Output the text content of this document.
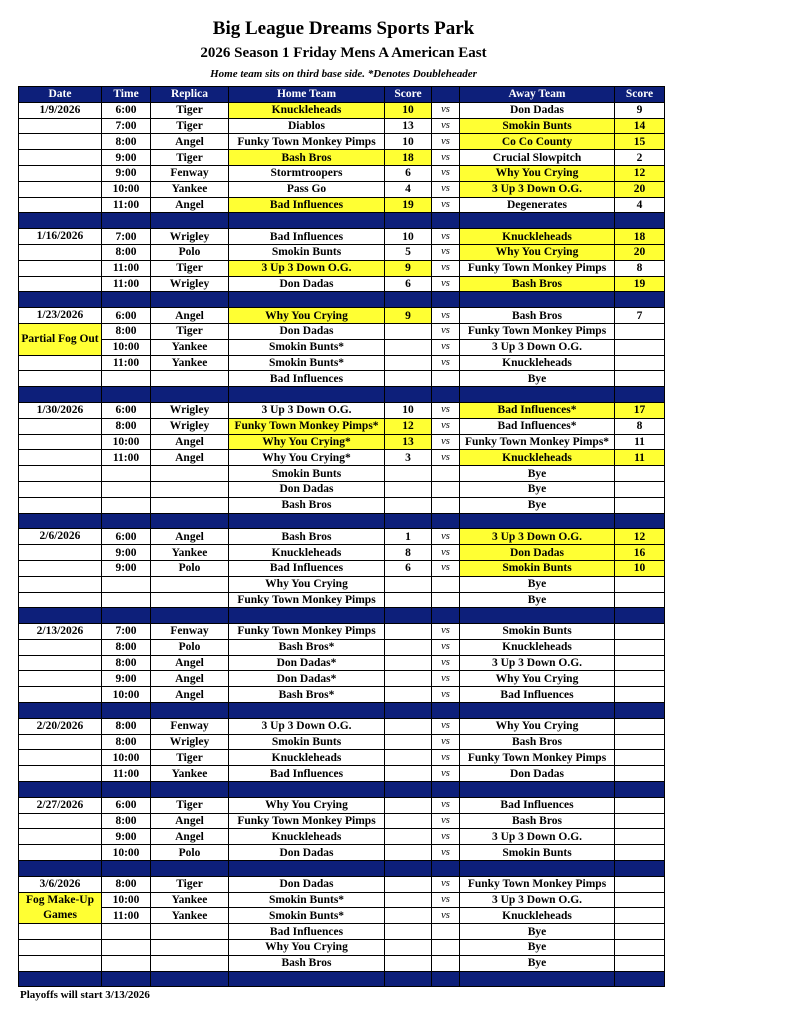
Big League Dreams Sports Park
2026 Season 1 Friday Mens A American East
Home team sits on third base side. *Denotes Doubleheader
Date	Time	Replica	Home Team	Score		Away Team	Score
1/9/2026	6:00	Tiger	Knuckleheads	10	vs	Don Dadas	9
	7:00	Tiger	Diablos	13	vs	Smokin Bunts	14
	8:00	Angel	Funky Town Monkey Pimps	10	vs	Co Co County	15
	9:00	Tiger	Bash Bros	18	vs	Crucial Slowpitch	2
	9:00	Fenway	Stormtroopers	6	vs	Why You Crying	12
	10:00	Yankee	Pass Go	4	vs	3 Up 3 Down O.G.	20
	11:00	Angel	Bad Influences	19	vs	Degenerates	4

1/16/2026	7:00	Wrigley	Bad Influences	10	vs	Knuckleheads	18
	8:00	Polo	Smokin Bunts	5	vs	Why You Crying	20
	11:00	Tiger	3 Up 3 Down O.G.	9	vs	Funky Town Monkey Pimps	8
	11:00	Wrigley	Don Dadas	6	vs	Bash Bros	19

1/23/2026	6:00	Angel	Why You Crying	9	vs	Bash Bros	7
Partial Fog Out	8:00	Tiger	Don Dadas		vs	Funky Town Monkey Pimps	
	10:00	Yankee	Smokin Bunts*		vs	3 Up 3 Down O.G.	
	11:00	Yankee	Smokin Bunts*		vs	Knuckleheads	
			Bad Influences			Bye	

1/30/2026	6:00	Wrigley	3 Up 3 Down O.G.	10	vs	Bad Influences*	17
	8:00	Wrigley	Funky Town Monkey Pimps*	12	vs	Bad Influences*	8
	10:00	Angel	Why You Crying*	13	vs	Funky Town Monkey Pimps*	11
	11:00	Angel	Why You Crying*	3	vs	Knuckleheads	11
			Smokin Bunts			Bye	
			Don Dadas			Bye	
			Bash Bros			Bye	

2/6/2026	6:00	Angel	Bash Bros	1	vs	3 Up 3 Down O.G.	12
	9:00	Yankee	Knuckleheads	8	vs	Don Dadas	16
	9:00	Polo	Bad Influences	6	vs	Smokin Bunts	10
			Why You Crying			Bye	
			Funky Town Monkey Pimps			Bye	

2/13/2026	7:00	Fenway	Funky Town Monkey Pimps		vs	Smokin Bunts	
	8:00	Polo	Bash Bros*		vs	Knuckleheads	
	8:00	Angel	Don Dadas*		vs	3 Up 3 Down O.G.	
	9:00	Angel	Don Dadas*		vs	Why You Crying	
	10:00	Angel	Bash Bros*		vs	Bad Influences	

2/20/2026	8:00	Fenway	3 Up 3 Down O.G.		vs	Why You Crying	
	8:00	Wrigley	Smokin Bunts		vs	Bash Bros	
	10:00	Tiger	Knuckleheads		vs	Funky Town Monkey Pimps	
	11:00	Yankee	Bad Influences		vs	Don Dadas	

2/27/2026	6:00	Tiger	Why You Crying		vs	Bad Influences	
	8:00	Angel	Funky Town Monkey Pimps		vs	Bash Bros	
	9:00	Angel	Knuckleheads		vs	3 Up 3 Down O.G.	
	10:00	Polo	Don Dadas		vs	Smokin Bunts	

3/6/2026	8:00	Tiger	Don Dadas		vs	Funky Town Monkey Pimps	
Fog Make-Up Games	10:00	Yankee	Smokin Bunts*		vs	3 Up 3 Down O.G.	
	11:00	Yankee	Smokin Bunts*		vs	Knuckleheads	
			Bad Influences			Bye	
			Why You Crying			Bye	
			Bash Bros			Bye	

Playoffs will start 3/13/2026
